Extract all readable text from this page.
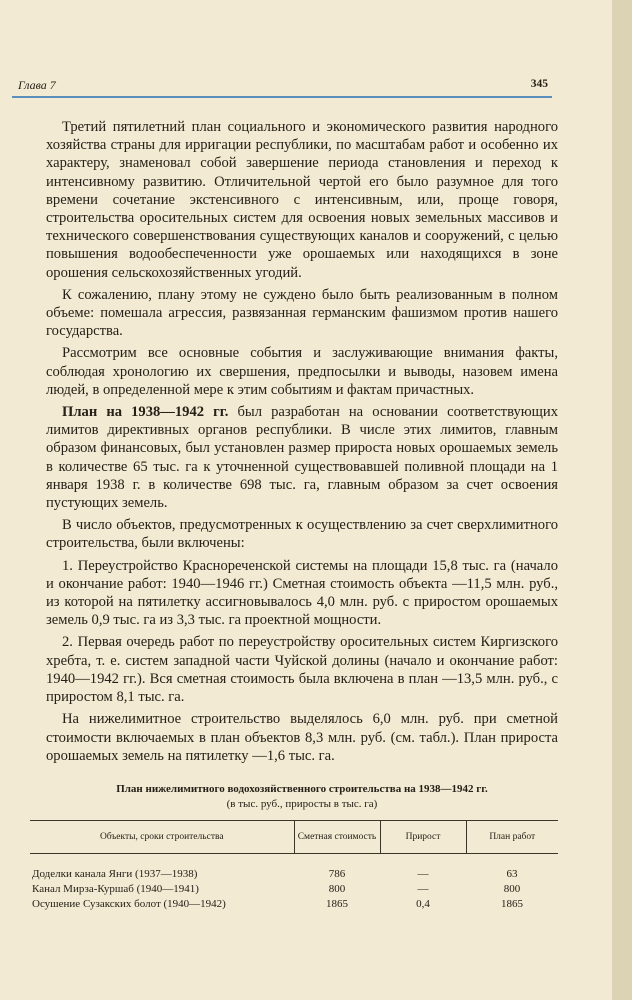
Глава 7	345

Третий пятилетний план социального и экономического развития народного хозяйства страны для ирригации республики, по масштабам работ и особенно их характеру, знаменовал собой завершение периода становления и переход к интенсивному развитию. Отличительной чертой его было разумное для того времени сочетание экстенсивного с интенсивным, или, проще говоря, строительства оросительных систем для освоения новых земельных массивов и технического совершенствования существующих каналов и сооружений, с целью повышения водообеспеченности уже орошаемых или находящихся в зоне орошения сельскохозяйственных угодий.

К сожалению, плану этому не суждено было быть реализованным в полном объеме: помешала агрессия, развязанная германским фашизмом против нашего государства.

Рассмотрим все основные события и заслуживающие внимания факты, соблюдая хронологию их свершения, предпосылки и выводы, назовем имена людей, в определенной мере к этим событиям и фактам причастных.

План на 1938—1942 гг. был разработан на основании соответствующих лимитов директивных органов республики. В числе этих лимитов, главным образом финансовых, был установлен размер прироста новых орошаемых земель в количестве 65 тыс. га к уточненной существовавшей поливной площади на 1 января 1938 г. в количестве 698 тыс. га, главным образом за счет освоения пустующих земель.

В число объектов, предусмотренных к осуществлению за счет сверхлимитного строительства, были включены:

1. Переустройство Краснореченской системы на площади 15,8 тыс. га (начало и окончание работ: 1940—1946 гг.) Сметная стоимость объекта —11,5 млн. руб., из которой на пятилетку ассигновывалось 4,0 млн. руб. с приростом орошаемых земель 0,9 тыс. га из 3,3 тыс. га проектной мощности.

2. Первая очередь работ по переустройству оросительных систем Киргизского хребта, т. е. систем западной части Чуйской долины (начало и окончание работ: 1940—1942 гг.). Вся сметная стоимость была включена в план —13,5 млн. руб., с приростом 8,1 тыс. га.

На нижелимитное строительство выделялось 6,0 млн. руб. при сметной стоимости включаемых в план объектов 8,3 млн. руб. (см. табл.). План прироста орошаемых земель на пятилетку —1,6 тыс. га.

План нижелимитного водохозяйственного строительства на 1938—1942 гг.
(в тыс. руб., приросты в тыс. га)
Объекты, сроки строительства	Сметная стоимость	Прирост	План работ
Доделки канала Янги (1937—1938)	786	—	63
Канал Мирза-Куршаб (1940—1941)	800	—	800
Осушение Сузакских болот (1940—1942)	1865	0,4	1865
